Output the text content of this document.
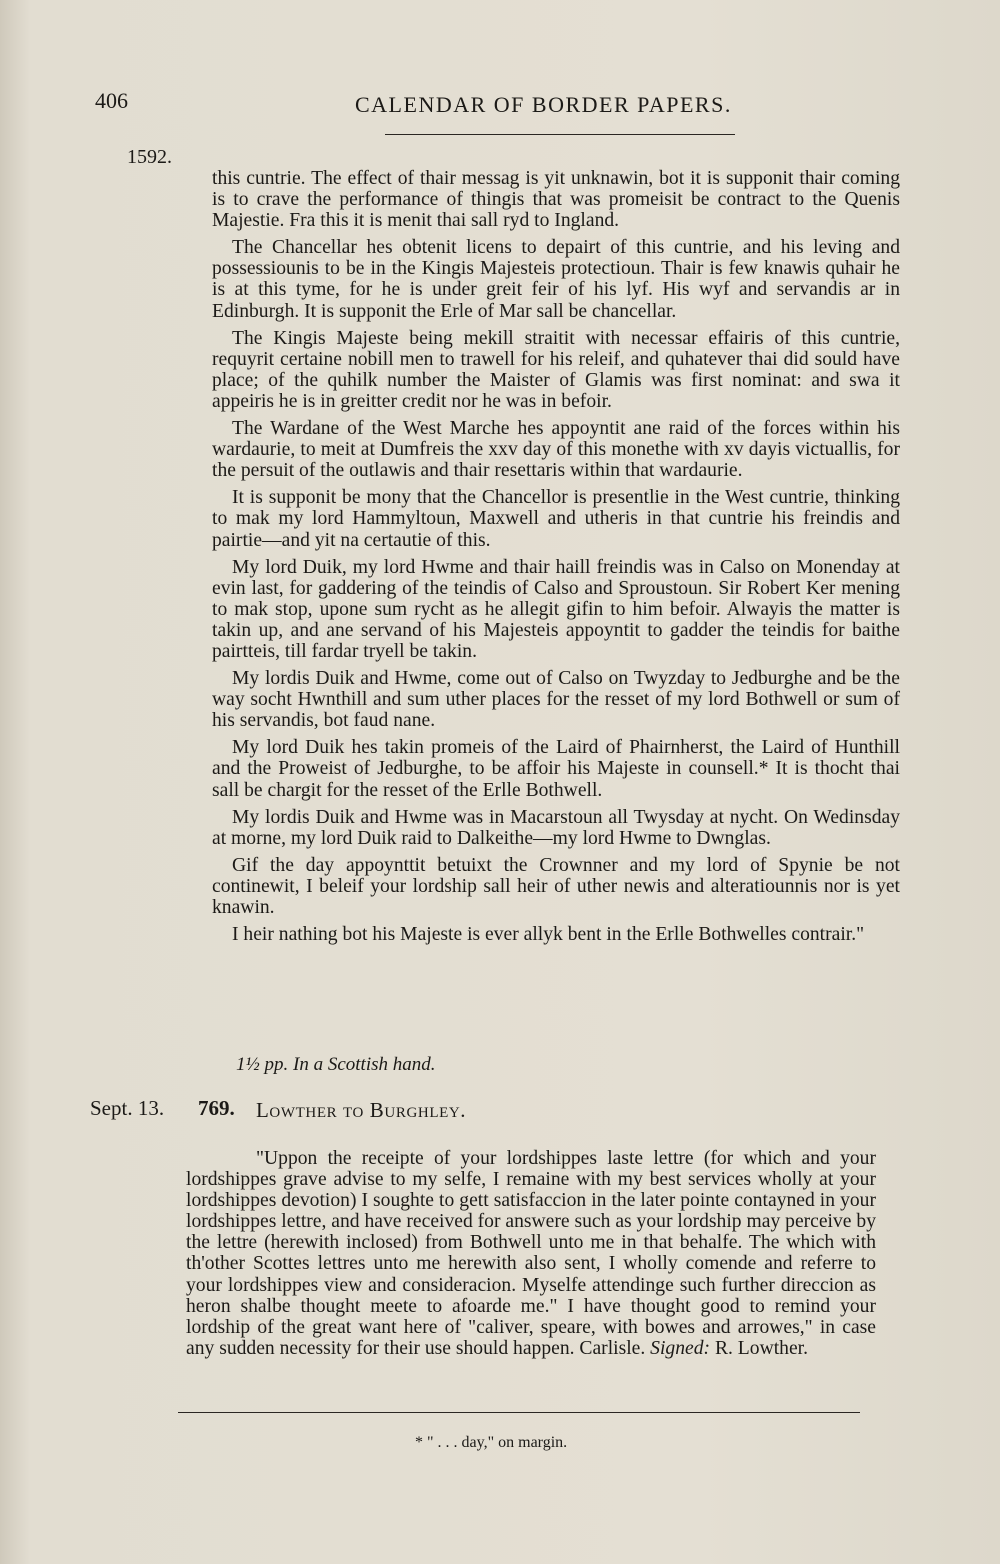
406	CALENDAR OF BORDER PAPERS.
1592.

this cuntrie. The effect of thair messag is yit unknawin, bot it is supponit thair coming is to crave the performance of thingis that was promeisit be contract to the Quenis Majestie. Fra this it is menit thai sall ryd to Ingland.

The Chancellar hes obtenit licens to depairt of this cuntrie, and his leving and possessiounis to be in the Kingis Majesteis protectioun. Thair is few knawis quhair he is at this tyme, for he is under greit feir of his lyf. His wyf and servandis ar in Edinburgh. It is supponit the Erle of Mar sall be chancellar.

The Kingis Majeste being mekill straitit with necessar effairis of this cuntrie, requyrit certaine nobill men to trawell for his releif, and quhatever thai did sould have place; of the quhilk number the Maister of Glamis was first nominat: and swa it appeiris he is in greitter credit nor he was in befoir.

The Wardane of the West Marche hes appoyntit ane raid of the forces within his wardaurie, to meit at Dumfreis the xxv day of this monethe with xv dayis victuallis, for the persuit of the outlawis and thair resettaris within that wardaurie.

It is supponit be mony that the Chancellor is presentlie in the West cuntrie, thinking to mak my lord Hammyltoun, Maxwell and utheris in that cuntrie his freindis and pairtie—and yit na certautie of this.

My lord Duik, my lord Hwme and thair haill freindis was in Calso on Monenday at evin last, for gaddering of the teindis of Calso and Sproustoun. Sir Robert Ker mening to mak stop, upone sum rycht as he allegit gifin to him befoir. Alwayis the matter is takin up, and ane servand of his Majesteis appoyntit to gadder the teindis for baithe pairtteis, till fardar tryell be takin.

My lordis Duik and Hwme, come out of Calso on Twyzday to Jedburghe and be the way socht Hwnthill and sum uther places for the resset of my lord Bothwell or sum of his servandis, bot faud nane.

My lord Duik hes takin promeis of the Laird of Phairnherst, the Laird of Hunthill and the Proweist of Jedburghe, to be affoir his Majeste in counsell.* It is thocht thai sall be chargit for the resset of the Erlle Bothwell.

My lordis Duik and Hwme was in Macarstoun all Twysday at nycht. On Wedinsday at morne, my lord Duik raid to Dalkeithe—my lord Hwme to Dwnglas.

Gif the day appoynttit betuixt the Crownner and my lord of Spynie be not continewit, I beleif your lordship sall heir of uther newis and alteratiounnis nor is yet knawin.

I heir nathing bot his Majeste is ever allyk bent in the Erlle Bothwelles contrair."

1½ pp. In a Scottish hand.
Sept. 13. 769. Lowther to Burghley.

"Uppon the receipte of your lordshippes laste lettre (for which and your lordshippes grave advise to my selfe, I remaine with my best services wholly at your lordshippes devotion) I soughte to gett satisfaccion in the later pointe contayned in your lordshippes lettre, and have received for answere such as your lordship may perceive by the lettre (herewith inclosed) from Bothwell unto me in that behalfe. The which with th'other Scottes lettres unto me herewith also sent, I wholly comende and referre to your lordshippes view and consideracion. Myselfe attendinge such further direccion as heron shalbe thought meete to afoarde me." I have thought good to remind your lordship of the great want here of "caliver, speare, with bowes and arrowes," in case any sudden necessity for their use should happen. Carlisle. Signed: R. Lowther.

* " . . . day," on margin.
